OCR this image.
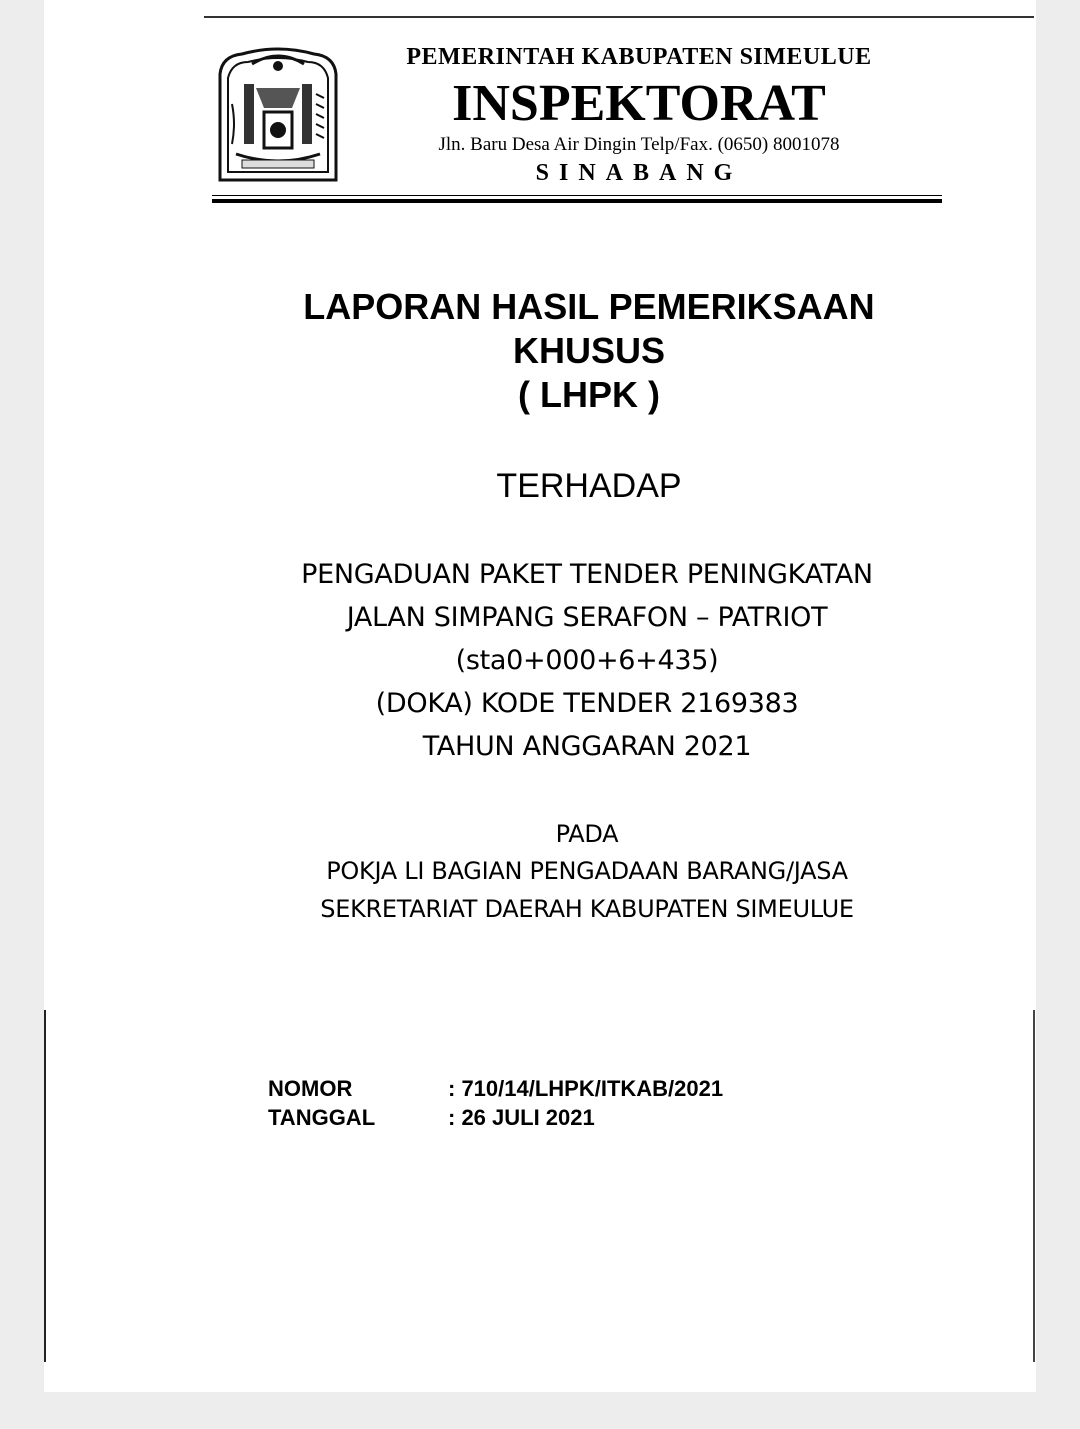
PEMERINTAH KABUPATEN SIMEULUE
INSPEKTORAT
Jln. Baru Desa Air Dingin Telp/Fax. (0650) 8001078
SINABANG
LAPORAN HASIL PEMERIKSAAN
KHUSUS
( LHPK )
TERHADAP
PENGADUAN PAKET TENDER PENINGKATAN
JALAN SIMPANG SERAFON – PATRIOT
(sta0+000+6+435)
(DOKA) KODE TENDER 2169383
TAHUN ANGGARAN 2021
PADA
POKJA LI BAGIAN PENGADAAN BARANG/JASA
SEKRETARIAT DAERAH KABUPATEN SIMEULUE
NOMOR	: 710/14/LHPK/ITKAB/2021
TANGGAL	: 26 JULI 2021
